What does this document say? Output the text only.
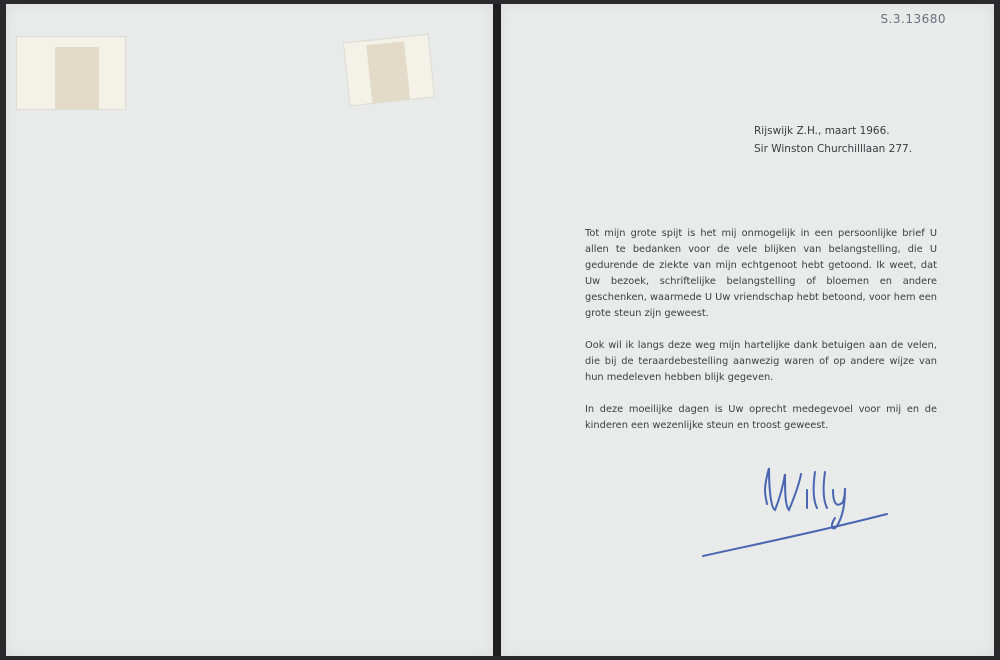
S.3.13680
Rijswijk Z.H., maart 1966.
Sir Winston Churchilllaan 277.

Tot mijn grote spijt is het mij onmogelijk in een persoonlijke brief U allen te bedanken voor de vele blijken van belangstelling, die U gedurende de ziekte van mijn echtgenoot hebt getoond. Ik weet, dat Uw bezoek, schriftelijke belangstelling of bloemen en andere geschenken, waarmede U Uw vriendschap hebt betoond, voor hem een grote steun zijn geweest.

Ook wil ik langs deze weg mijn hartelijke dank betuigen aan de velen, die bij de teraardebestelling aanwezig waren of op andere wijze van hun medeleven hebben blijk gegeven.

In deze moeilijke dagen is Uw oprecht medegevoel voor mij en de kinderen een wezenlijke steun en troost geweest.
